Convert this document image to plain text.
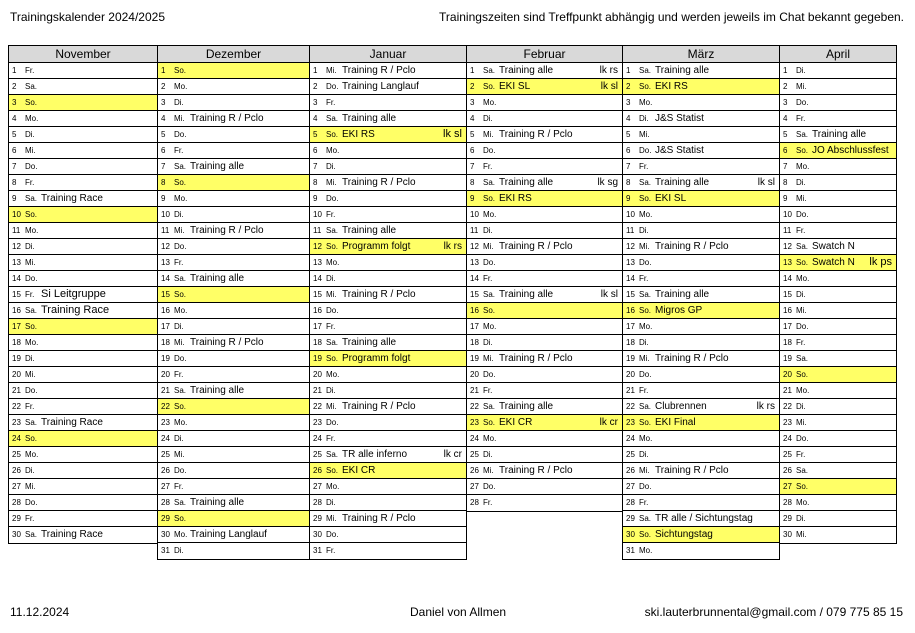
Trainingskalender 2024/2025	Trainingszeiten sind Treffpunkt abhängig und werden jeweils im Chat bekannt gegeben.
November
1 Fr.
2 Sa.
3 So.
4 Mo.
5 Di.
6 Mi.
7 Do.
8 Fr.
9 Sa. Training Race
10 So.
11 Mo.
12 Di.
13 Mi.
14 Do.
15 Fr. Si Leitgruppe
16 Sa. Training Race
17 So.
18 Mo.
19 Di.
20 Mi.
21 Do.
22 Fr.
23 Sa. Training Race
24 So.
25 Mo.
26 Di.
27 Mi.
28 Do.
29 Fr.
30 Sa. Training Race
Dezember
1 So.
2 Mo.
3 Di.
4 Mi. Training R / Pclo
5 Do.
6 Fr.
7 Sa. Training alle
8 So.
9 Mo.
10 Di.
11 Mi. Training R / Pclo
12 Do.
13 Fr.
14 Sa. Training alle
15 So.
16 Mo.
17 Di.
18 Mi. Training R / Pclo
19 Do.
20 Fr.
21 Sa. Training alle
22 So.
23 Mo.
24 Di.
25 Mi.
26 Do.
27 Fr.
28 Sa. Training alle
29 So.
30 Mo. Training Langlauf
31 Di.
Januar
1 Mi. Training R / Pclo
2 Do. Training Langlauf
3 Fr.
4 Sa. Training alle
5 So. EKI RS	lk sl
6 Mo.
7 Di.
8 Mi. Training R / Pclo
9 Do.
10 Fr.
11 Sa. Training alle
12 So. Programm folgt	lk rs
13 Mo.
14 Di.
15 Mi. Training R / Pclo
16 Do.
17 Fr.
18 Sa. Training alle
19 So. Programm folgt
20 Mo.
21 Di.
22 Mi. Training R / Pclo
23 Do.
24 Fr.
25 Sa. TR alle inferno	lk cr
26 So. EKI CR
27 Mo.
28 Di.
29 Mi. Training R / Pclo
30 Do.
31 Fr.
Februar
1 Sa. Training alle	lk rs
2 So. EKI SL	lk sl
3 Mo.
4 Di.
5 Mi. Training R / Pclo
6 Do.
7 Fr.
8 Sa. Training alle	lk sg
9 So. EKI RS
10 Mo.
11 Di.
12 Mi. Training R / Pclo
13 Do.
14 Fr.
15 Sa. Training alle	lk sl
16 So.
17 Mo.
18 Di.
19 Mi. Training R / Pclo
20 Do.
21 Fr.
22 Sa. Training alle
23 So. EKI CR	lk cr
24 Mo.
25 Di.
26 Mi. Training R / Pclo
27 Do.
28 Fr.
März
1 Sa. Training alle
2 So. EKI RS
3 Mo.
4 Di. J&S Statist
5 Mi.
6 Do. J&S Statist
7 Fr.
8 Sa. Training alle	lk sl
9 So. EKI SL
10 Mo.
11 Di.
12 Mi. Training R / Pclo
13 Do.
14 Fr.
15 Sa. Training alle
16 So. Migros GP
17 Mo.
18 Di.
19 Mi. Training R / Pclo
20 Do.
21 Fr.
22 Sa. Clubrennen	lk rs
23 So. EKI Final
24 Mo.
25 Di.
26 Mi. Training R / Pclo
27 Do.
28 Fr.
29 Sa. TR alle / Sichtungstag
30 So. Sichtungstag
31 Mo.
April
1 Di.
2 Mi.
3 Do.
4 Fr.
5 Sa. Training alle
6 So. JO Abschlussfest
7 Mo.
8 Di.
9 Mi.
10 Do.
11 Fr.
12 Sa. Swatch N
13 So. Swatch N lk ps
14 Mo.
15 Di.
16 Mi.
17 Do.
18 Fr.
19 Sa.
20 So.
21 Mo.
22 Di.
23 Mi.
24 Do.
25 Fr.
26 Sa.
27 So.
28 Mo.
29 Di.
30 Mi.
11.12.2024	Daniel von Allmen	ski.lauterbrunnental@gmail.com / 079 775 85 15
